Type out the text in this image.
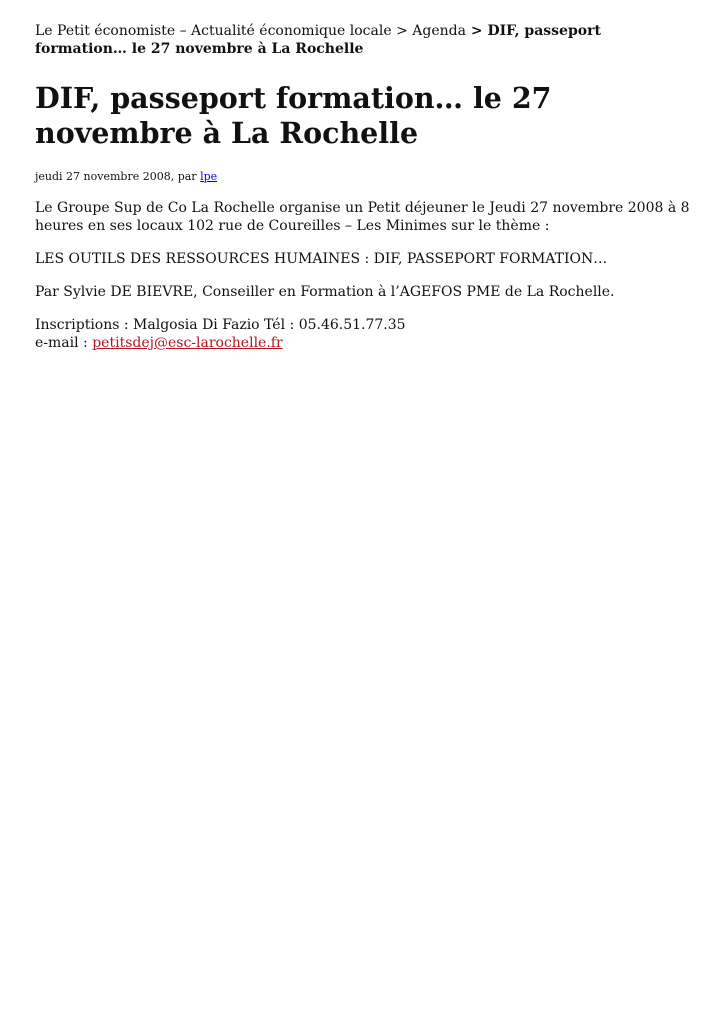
Le Petit économiste – Actualité économique locale > Agenda > DIF, passeport formation… le 27 novembre à La Rochelle
DIF, passeport formation… le 27 novembre à La Rochelle
jeudi 27 novembre 2008, par lpe

Le Groupe Sup de Co La Rochelle organise un Petit déjeuner le Jeudi 27 novembre 2008 à 8 heures en ses locaux 102 rue de Coureilles – Les Minimes sur le thème :

LES OUTILS DES RESSOURCES HUMAINES : DIF, PASSEPORT FORMATION…

Par Sylvie DE BIEVRE, Conseiller en Formation à l’AGEFOS PME de La Rochelle.

Inscriptions : Malgosia Di Fazio Tél : 05.46.51.77.35
e-mail : petitsdej@esc-larochelle.fr
